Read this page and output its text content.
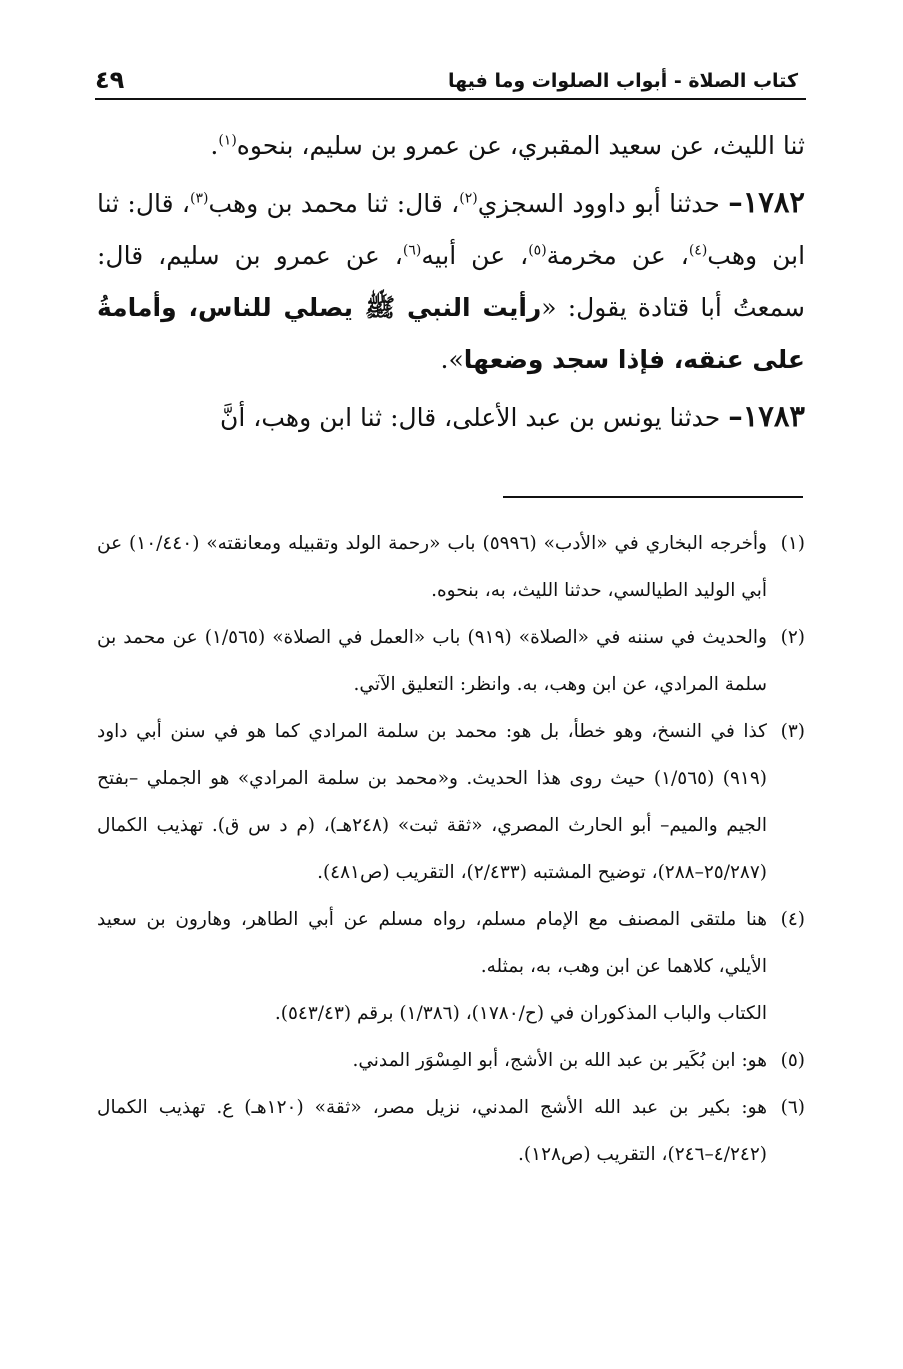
كتاب الصلاة - أبواب الصلوات وما فيها
٤٩

ثنا الليث، عن سعيد المقبري، عن عمرو بن سليم، بنحوه$^{(١)}$.

١٧٨٢– حدثنا أبو داوود السجزي$^{(٢)}$، قال: ثنا محمد بن وهب$^{(٣)}$، قال: ثنا ابن وهب$^{(٤)}$، عن مخرمة$^{(٥)}$، عن أبيه$^{(٦)}$، عن عمرو بن سليم، قال: سمعتُ أبا قتادة يقول: «رأيت النبي ﷺ يصلي للناس، وأمامةُ على عنقه، فإذا سجد وضعها».

١٧٨٣– حدثنا يونس بن عبد الأعلى، قال: ثنا ابن وهب، أنَّ

(١)وأخرجه البخاري في «الأدب» (٥٩٩٦) باب «رحمة الولد وتقبيله ومعانقته» (١٠/٤٤٠) عن أبي الوليد الطيالسي، حدثنا الليث، به، بنحوه.

(٢)والحديث في سننه في «الصلاة» (٩١٩) باب «العمل في الصلاة» (١/٥٦٥) عن محمد بن سلمة المرادي، عن ابن وهب، به. وانظر: التعليق الآتي.

(٣)كذا في النسخ، وهو خطأ، بل هو: محمد بن سلمة المرادي كما هو في سنن أبي داود (٩١٩) (١/٥٦٥) حيث روى هذا الحديث. و«محمد بن سلمة المرادي» هو الجملي –بفتح الجيم والميم– أبو الحارث المصري، «ثقة ثبت» (٢٤٨هـ)، (م د س ق). تهذيب الكمال (٢٥/٢٨٧–٢٨٨)، توضيح المشتبه (٢/٤٣٣)، التقريب (ص٤٨١).

(٤)هنا ملتقى المصنف مع الإمام مسلم، رواه مسلم عن أبي الطاهر، وهارون بن سعيد الأيلي، كلاهما عن ابن وهب، به، بمثله.

الكتاب والباب المذكوران في (ح/١٧٨٠)، (١/٣٨٦) برقم (٥٤٣/٤٣).

(٥)هو: ابن بُكَير بن عبد الله بن الأشج، أبو المِسْوَر المدني.

(٦)هو: بكير بن عبد الله الأشج المدني، نزيل مصر، «ثقة» (١٢٠هـ) ع. تهذيب الكمال (٤/٢٤٢–٢٤٦)، التقريب (ص١٢٨).
